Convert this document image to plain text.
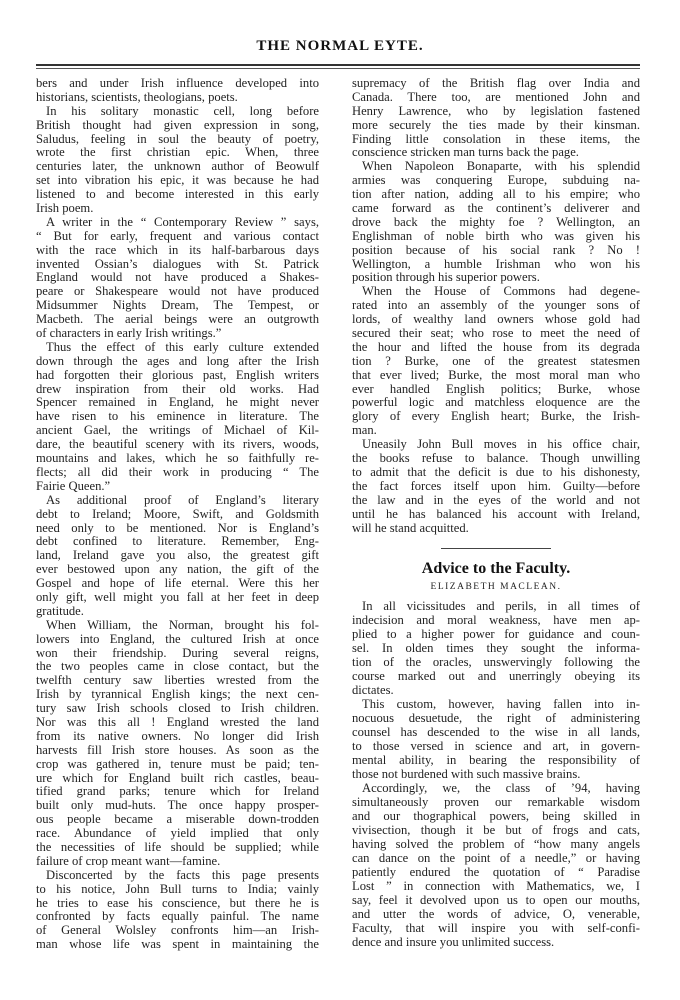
THE NORMAL EYTE.
bers and under Irish influence developed into
historians, scientists, theologians, poets.
In his solitary monastic cell, long before
British thought had given expression in song,
Saludus, feeling in soul the beauty of poetry,
wrote the first christian epic. When, three
centuries later, the unknown author of Beowulf
set into vibration his epic, it was because he had
listened to and become interested in this early
Irish poem.
A writer in the “ Contemporary Review ” says,
“ But for early, frequent and various contact
with the race which in its half-barbarous days
invented Ossian’s dialogues with St. Patrick
England would not have produced a Shakes-
peare or Shakespeare would not have produced
Midsummer Nights Dream, The Tempest, or
Macbeth. The aerial beings were an outgrowth
of characters in early Irish writings.”
Thus the effect of this early culture extended
down through the ages and long after the Irish
had forgotten their glorious past, English writers
drew inspiration from their old works. Had
Spencer remained in England, he might never
have risen to his eminence in literature. The
ancient Gael, the writings of Michael of Kil-
dare, the beautiful scenery with its rivers, woods,
mountains and lakes, which he so faithfully re-
flects; all did their work in producing “ The
Fairie Queen.”
As additional proof of England’s literary
debt to Ireland; Moore, Swift, and Goldsmith
need only to be mentioned. Nor is England’s
debt confined to literature. Remember, Eng-
land, Ireland gave you also, the greatest gift
ever bestowed upon any nation, the gift of the
Gospel and hope of life eternal. Were this her
only gift, well might you fall at her feet in deep
gratitude.
When William, the Norman, brought his fol-
lowers into England, the cultured Irish at once
won their friendship. During several reigns,
the two peoples came in close contact, but the
twelfth century saw liberties wrested from the
Irish by tyrannical English kings; the next cen-
tury saw Irish schools closed to Irish children.
Nor was this all ! England wrested the land
from its native owners. No longer did Irish
harvests fill Irish store houses. As soon as the
crop was gathered in, tenure must be paid; ten-
ure which for England built rich castles, beau-
tified grand parks; tenure which for Ireland
built only mud-huts. The once happy prosper-
ous people became a miserable down-trodden
race. Abundance of yield implied that only
the necessities of life should be supplied; while
failure of crop meant want—famine.
Disconcerted by the facts this page presents
to his notice, John Bull turns to India; vainly
he tries to ease his conscience, but there he is
confronted by facts equally painful. The name
of General Wolsley confronts him—an Irish-
man whose life was spent in maintaining the
supremacy of the British flag over India and
Canada. There too, are mentioned John and
Henry Lawrence, who by legislation fastened
more securely the ties made by their kinsman.
Finding little consolation in these items, the
conscience stricken man turns back the page.
When Napoleon Bonaparte, with his splendid
armies was conquering Europe, subduing na-
tion after nation, adding all to his empire; who
came forward as the continent’s deliverer and
drove back the mighty foe ? Wellington, an
Englishman of noble birth who was given his
position because of his social rank ? No !
Wellington, a humble Irishman who won his
position through his superior powers.
When the House of Commons had degene-
rated into an assembly of the younger sons of
lords, of wealthy land owners whose gold had
secured their seat; who rose to meet the need of
the hour and lifted the house from its degrada
tion ? Burke, one of the greatest statesmen
that ever lived; Burke, the most moral man who
ever handled English politics; Burke, whose
powerful logic and matchless eloquence are the
glory of every English heart; Burke, the Irish-
man.
Uneasily John Bull moves in his office chair,
the books refuse to balance. Though unwilling
to admit that the deficit is due to his dishonesty,
the fact forces itself upon him. Guilty—before
the law and in the eyes of the world and not
until he has balanced his account with Ireland,
will he stand acquitted.
Advice to the Faculty.
ELIZABETH MACLEAN.
In all vicissitudes and perils, in all times of
indecision and moral weakness, have men ap-
plied to a higher power for guidance and coun-
sel. In olden times they sought the informa-
tion of the oracles, unswervingly following the
course marked out and unerringly obeying its
dictates.
This custom, however, having fallen into in-
nocuous desuetude, the right of administering
counsel has descended to the wise in all lands,
to those versed in science and art, in govern-
mental ability, in bearing the responsibility of
those not burdened with such massive brains.
Accordingly, we, the class of ’94, having
simultaneously proven our remarkable wisdom
and our thographical powers, being skilled in
vivisection, though it be but of frogs and cats,
having solved the problem of “how many angels
can dance on the point of a needle,” or having
patiently endured the quotation of “ Paradise
Lost ” in connection with Mathematics, we, I
say, feel it devolved upon us to open our mouths,
and utter the words of advice, O, venerable,
Faculty, that will inspire you with self-confi-
dence and insure you unlimited success.
